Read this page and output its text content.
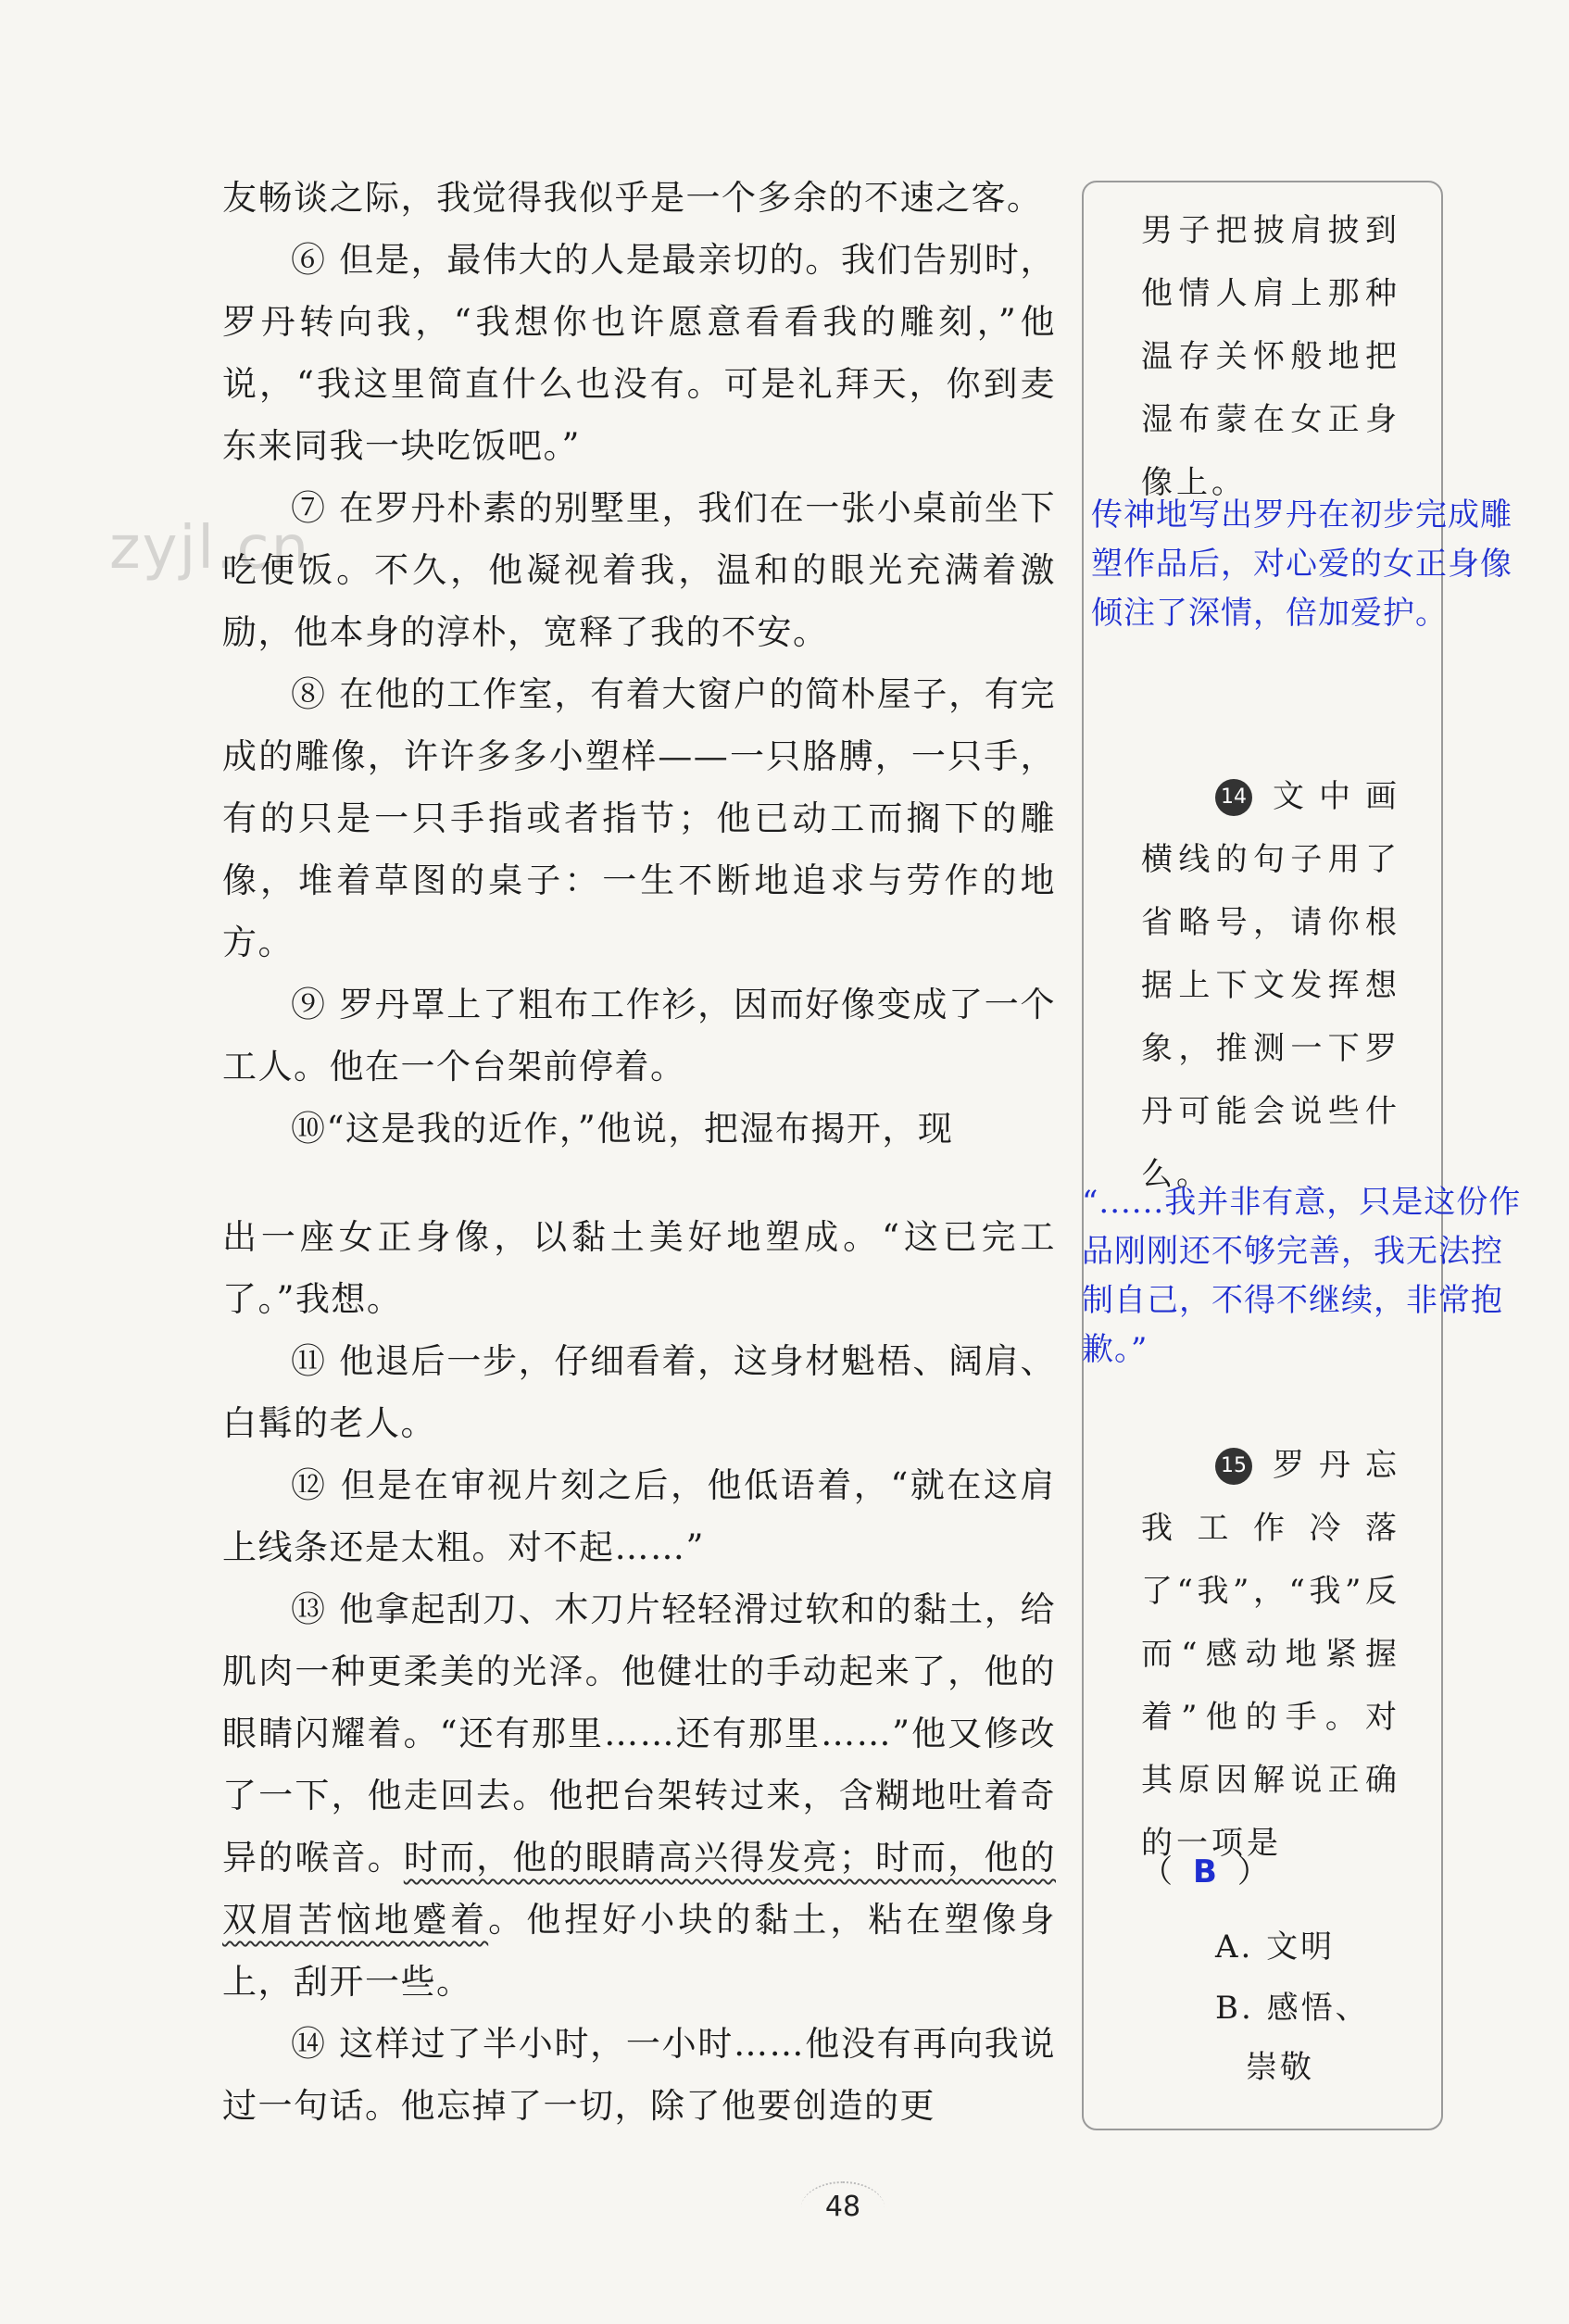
zyjl.cn

友畅谈之际，我觉得我似乎是一个多余的不速之客。

⑥ 但是，最伟大的人是最亲切的。我们告别时，罗丹转向我，“我想你也许愿意看看我的雕刻，”他说，“我这里简直什么也没有。可是礼拜天，你到麦东来同我一块吃饭吧。”

⑦ 在罗丹朴素的别墅里，我们在一张小桌前坐下吃便饭。不久，他凝视着我，温和的眼光充满着激励，他本身的淳朴，宽释了我的不安。

⑧ 在他的工作室，有着大窗户的简朴屋子，有完成的雕像，许许多多小塑样——一只胳膊，一只手，有的只是一只手指或者指节；他已动工而搁下的雕像，堆着草图的桌子：一生不断地追求与劳作的地方。

⑨ 罗丹罩上了粗布工作衫，因而好像变成了一个工人。他在一个台架前停着。

⑩“这是我的近作，”他说，把湿布揭开，现

出一座女正身像，以黏土美好地塑成。“这已完工了。”我想。

⑪ 他退后一步，仔细看着，这身材魁梧、阔肩、白髯的老人。

⑫ 但是在审视片刻之后，他低语着，“就在这肩上线条还是太粗。对不起……”

⑬ 他拿起刮刀、木刀片轻轻滑过软和的黏土，给肌肉一种更柔美的光泽。他健壮的手动起来了，他的眼睛闪耀着。“还有那里……还有那里……”他又修改了一下，他走回去。他把台架转过来，含糊地吐着奇异的喉音。时而，他的眼睛高兴得发亮；时而，他的双眉苦恼地蹙着。他捏好小块的黏土，粘在塑像身上，刮开一些。

⑭ 这样过了半小时，一小时……他没有再向我说过一句话。他忘掉了一切，除了他要创造的更

男子把披肩披到他情人肩上那种温存关怀般地把湿布蒙在女正身像上。

传神地写出罗丹在初步完成雕塑作品后，对心爱的女正身像倾注了深情，倍加爱护。

14 文中画横线的句子用了省略号，请你根据上下文发挥想象，推测一下罗丹可能会说些什么。

“......我并非有意，只是这份作品刚刚还不够完善，我无法控制自己，不得不继续，非常抱歉。”

15 罗丹忘我工作冷落了“我”，“我”反而“感动地紧握着”他的手。对其原因解说正确的一项是

（ B ）

A. 文明

B. 感悟、

崇敬

48
